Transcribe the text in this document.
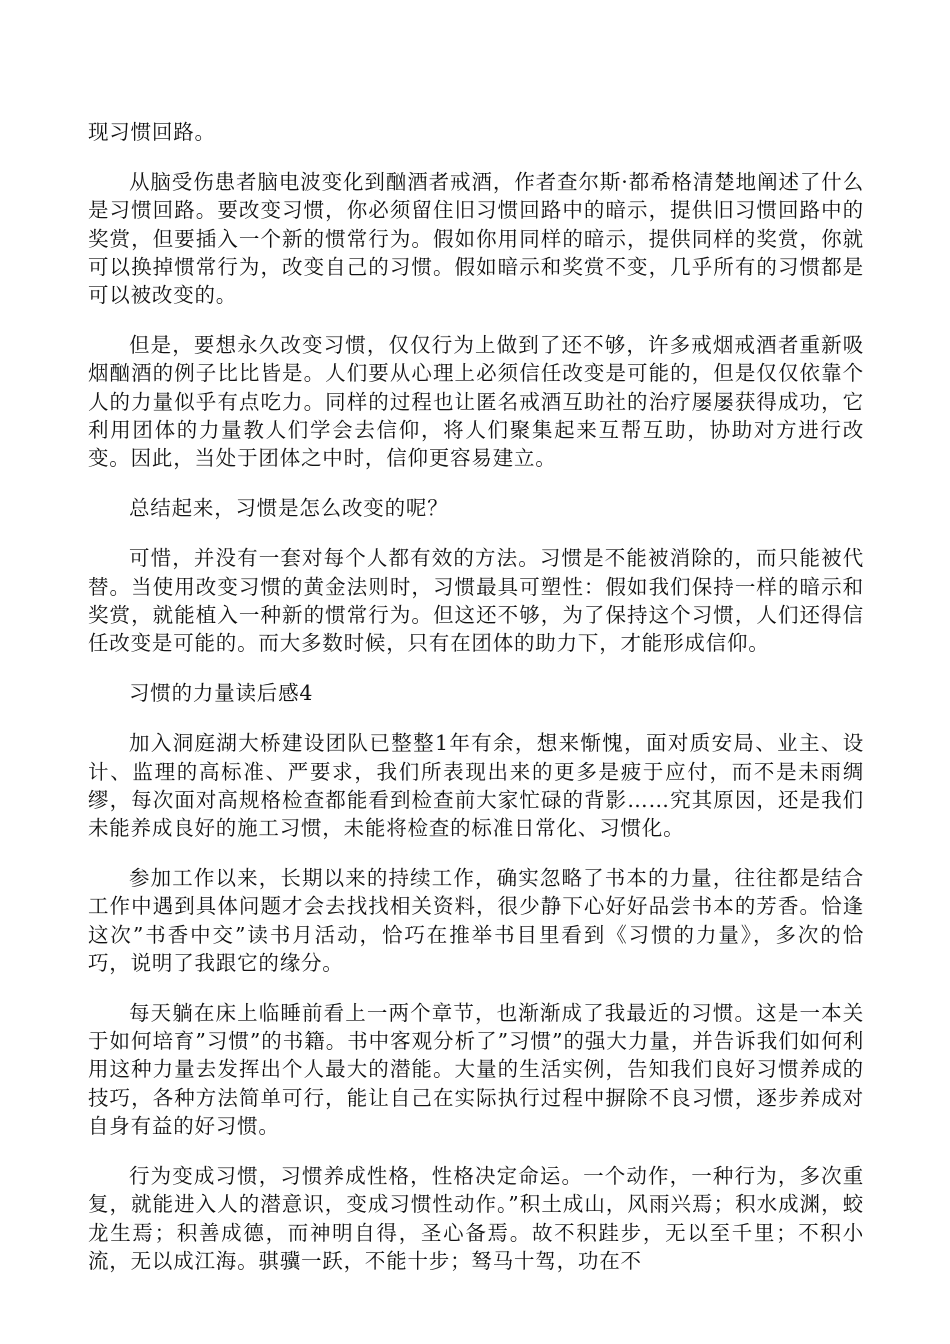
现习惯回路。

从脑受伤患者脑电波变化到酗酒者戒酒，作者查尔斯·都希格清楚地阐述了什么是习惯回路。要改变习惯，你必须留住旧习惯回路中的暗示，提供旧习惯回路中的奖赏，但要插入一个新的惯常行为。假如你用同样的暗示，提供同样的奖赏，你就可以换掉惯常行为，改变自己的习惯。假如暗示和奖赏不变，几乎所有的习惯都是可以被改变的。

但是，要想永久改变习惯，仅仅行为上做到了还不够，许多戒烟戒酒者重新吸烟酗酒的例子比比皆是。人们要从心理上必须信任改变是可能的，但是仅仅依靠个人的力量似乎有点吃力。同样的过程也让匿名戒酒互助社的治疗屡屡获得成功，它利用团体的力量教人们学会去信仰，将人们聚集起来互帮互助，协助对方进行改变。因此，当处于团体之中时，信仰更容易建立。

总结起来，习惯是怎么改变的呢？

可惜，并没有一套对每个人都有效的方法。习惯是不能被消除的，而只能被代替。当使用改变习惯的黄金法则时，习惯最具可塑性：假如我们保持一样的暗示和奖赏，就能植入一种新的惯常行为。但这还不够，为了保持这个习惯，人们还得信任改变是可能的。而大多数时候，只有在团体的助力下，才能形成信仰。

习惯的力量读后感4

加入洞庭湖大桥建设团队已整整1年有余，想来惭愧，面对质安局、业主、设计、监理的高标准、严要求，我们所表现出来的更多是疲于应付，而不是未雨绸缪，每次面对高规格检查都能看到检查前大家忙碌的背影……究其原因，还是我们未能养成良好的施工习惯，未能将检查的标准日常化、习惯化。

参加工作以来，长期以来的持续工作，确实忽略了书本的力量，往往都是结合工作中遇到具体问题才会去找找相关资料，很少静下心好好品尝书本的芳香。恰逢这次”书香中交”读书月活动，恰巧在推举书目里看到《习惯的力量》，多次的恰巧，说明了我跟它的缘分。

每天躺在床上临睡前看上一两个章节，也渐渐成了我最近的习惯。这是一本关于如何培育”习惯”的书籍。书中客观分析了”习惯”的强大力量，并告诉我们如何利用这种力量去发挥出个人最大的潜能。大量的生活实例，告知我们良好习惯养成的技巧，各种方法简单可行，能让自己在实际执行过程中摒除不良习惯，逐步养成对自身有益的好习惯。

行为变成习惯，习惯养成性格，性格决定命运。一个动作，一种行为，多次重复，就能进入人的潜意识，变成习惯性动作。”积土成山，风雨兴焉；积水成渊，蛟龙生焉；积善成德，而神明自得，圣心备焉。故不积跬步，无以至千里；不积小流，无以成江海。骐骥一跃，不能十步；驽马十驾，功在不
